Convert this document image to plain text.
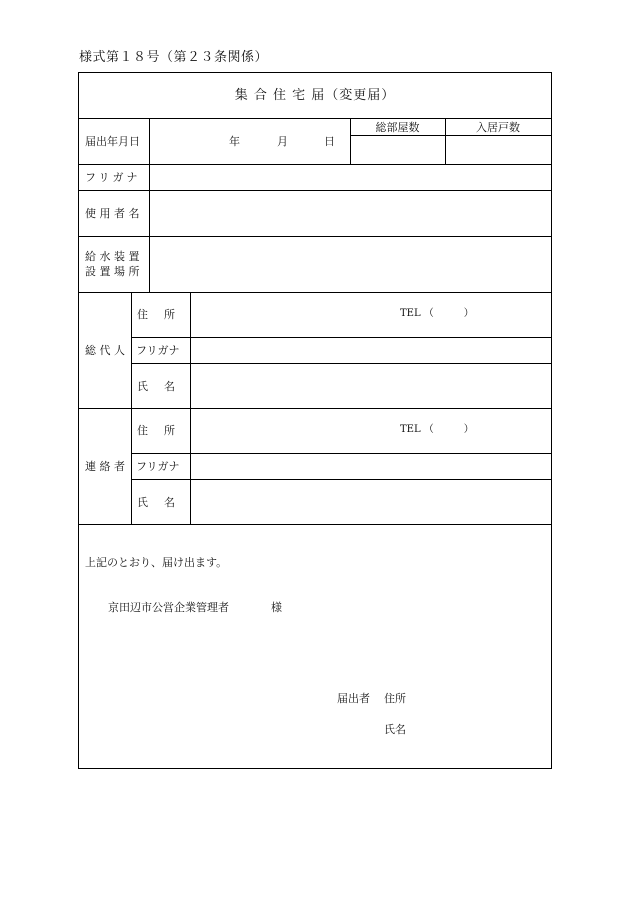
様式第１８号（第２３条関係）
集 合 住 宅 届（変更届）
届出年月日	年	月	日
総部屋数	入居戸数
フリガナ
使 用 者 名
給 水 装 置
設 置 場 所
総 代 人
住 所	TEL （　　　）
フリガナ
氏 名
連 絡 者
住 所	TEL （　　　）
フリガナ
氏 名
上記のとおり、届け出ます。
京田辺市公営企業管理者	様
届出者 住所
氏名
